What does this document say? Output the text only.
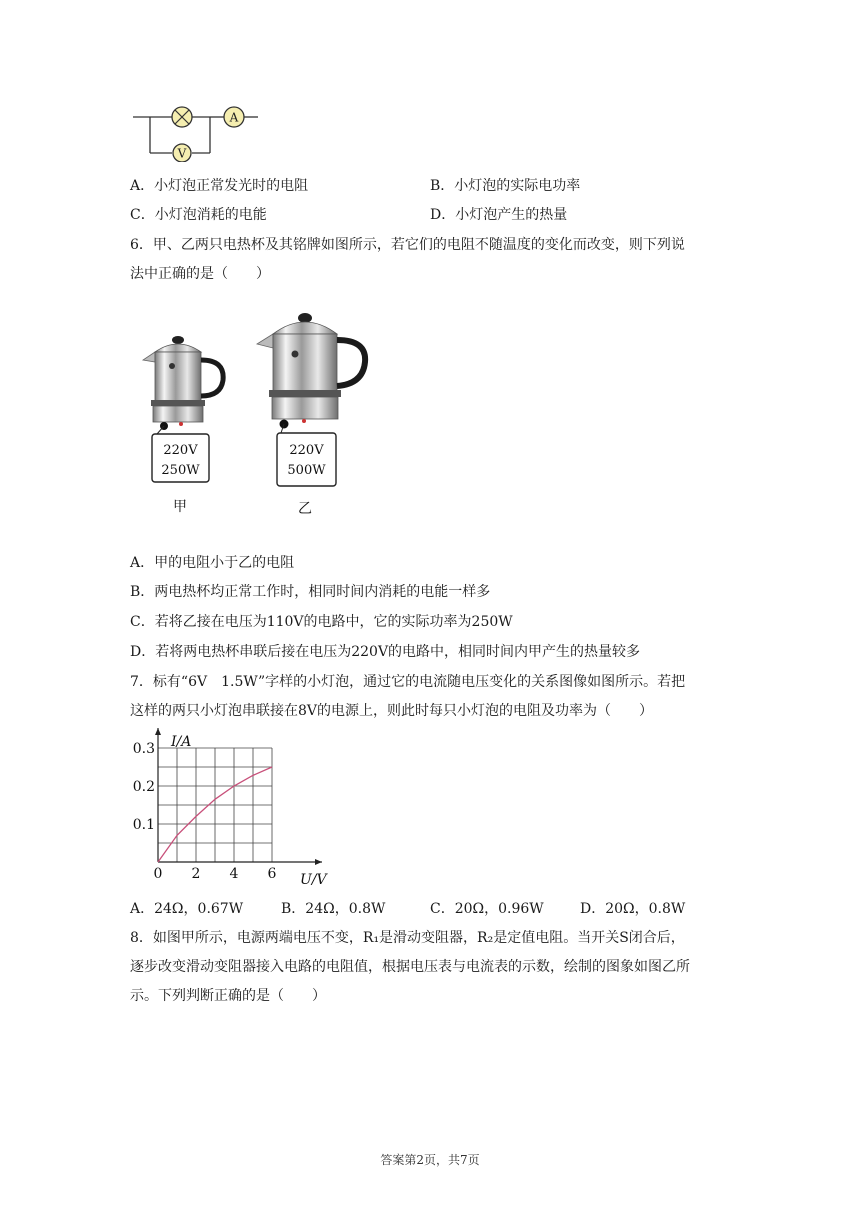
A
V
A．小灯泡正常发光时的电阻	B．小灯泡的实际电功率
C．小灯泡消耗的电能	D．小灯泡产生的热量
6．甲、乙两只电热杯及其铭牌如图所示，若它们的电阻不随温度的变化而改变，则下列说
法中正确的是（　　）
220V
250W
甲
220V
500W
乙
A．甲的电阻小于乙的电阻
B．两电热杯均正常工作时，相同时间内消耗的电能一样多
C．若将乙接在电压为110V的电路中，它的实际功率为250W
D．若将两电热杯串联后接在电压为220V的电路中，相同时间内甲产生的热量较多
7．标有“6V　1.5W”字样的小灯泡，通过它的电流随电压变化的关系图像如图所示。若把
这样的两只小灯泡串联接在8V的电源上，则此时每只小灯泡的电阻及功率为（　　）
0 2 4 6
0.1
0.2
0.3 I/A
U/V
A．24Ω，0.67W	B．24Ω，0.8W	C．20Ω，0.96W	D．20Ω，0.8W
8．如图甲所示，电源两端电压不变，R₁是滑动变阻器，R₂是定值电阻。当开关S闭合后，
逐步改变滑动变阻器接入电路的电阻值，根据电压表与电流表的示数，绘制的图象如图乙所
示。下列判断正确的是（　　）
答案第2页，共7页
